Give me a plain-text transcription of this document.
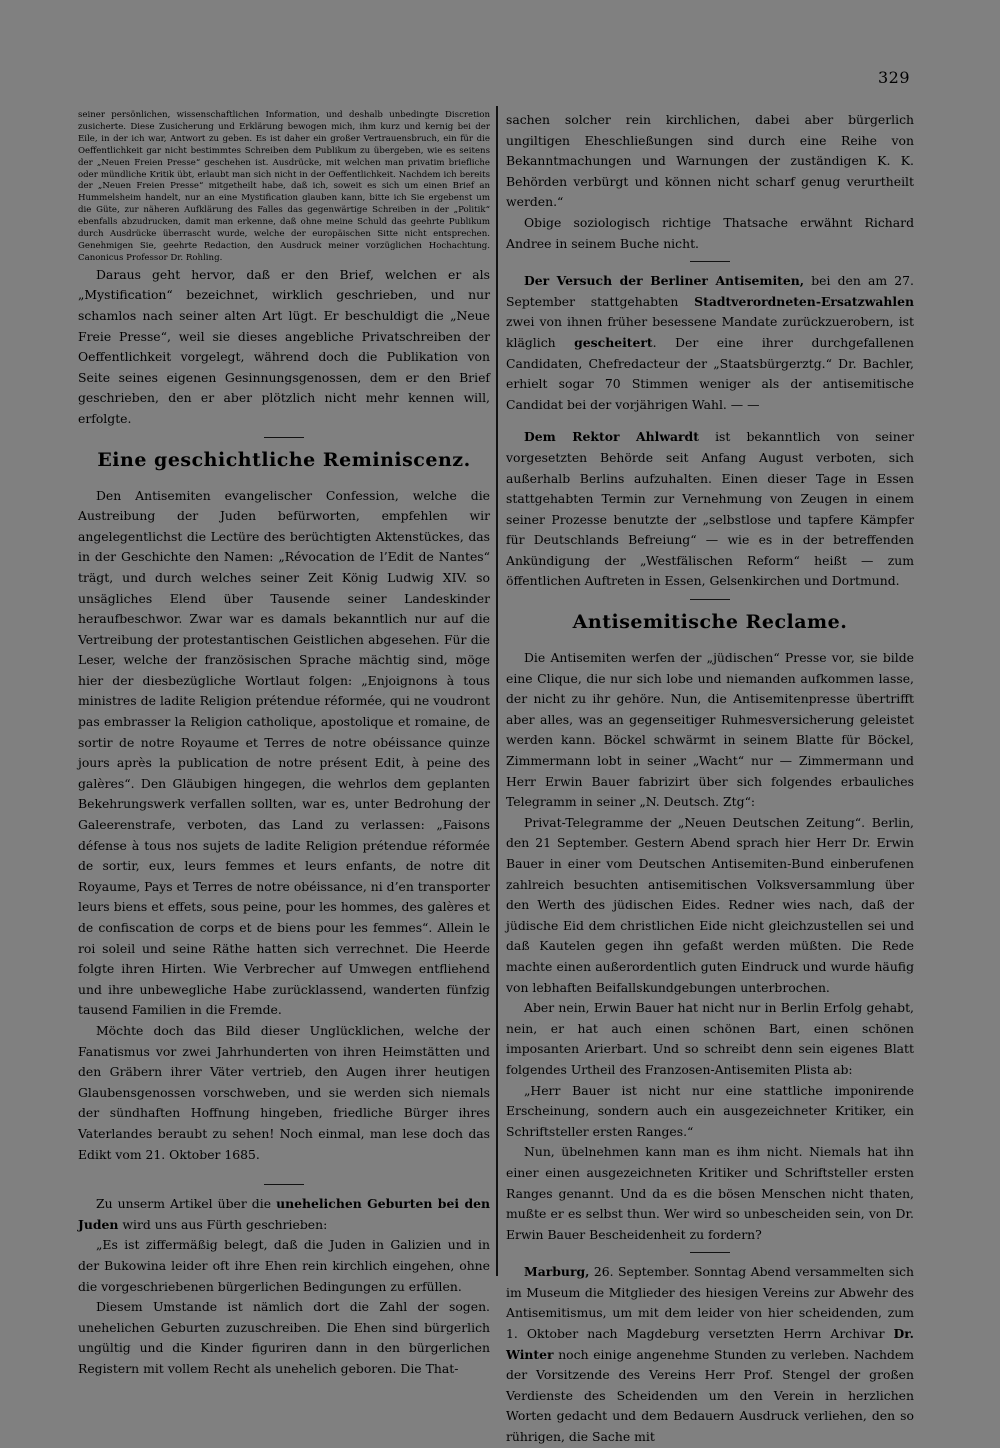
329

seiner persönlichen, wissenschaftlichen Information, und deshalb unbedingte Discretion zusicherte. Diese Zusicherung und Erklärung bewogen mich, ihm kurz und kernig bei der Eile, in der ich war, Antwort zu geben. Es ist daher ein großer Vertrauensbruch, ein für die Oeffentlichkeit gar nicht bestimmtes Schreiben dem Publikum zu übergeben, wie es seitens der „Neuen Freien Presse“ geschehen ist. Ausdrücke, mit welchen man privatim briefliche oder mündliche Kritik übt, erlaubt man sich nicht in der Oeffentlichkeit. Nachdem ich bereits der „Neuen Freien Presse“ mitgetheilt habe, daß ich, soweit es sich um einen Brief an Hummelsheim handelt, nur an eine Mystification glauben kann, bitte ich Sie ergebenst um die Güte, zur näheren Aufklärung des Falles das gegenwärtige Schreiben in der „Politik“ ebenfalls abzudrucken, damit man erkenne, daß ohne meine Schuld das geehrte Publikum durch Ausdrücke überrascht wurde, welche der europäischen Sitte nicht entsprechen. Genehmigen Sie, geehrte Redaction, den Ausdruck meiner vorzüglichen Hochachtung. Canonicus Professor Dr. Rohling.

Daraus geht hervor, daß er den Brief, welchen er als „Mystification“ bezeichnet, wirklich geschrieben, und nur schamlos nach seiner alten Art lügt. Er beschuldigt die „Neue Freie Presse“, weil sie dieses angebliche Privatschreiben der Oeffentlichkeit vorgelegt, während doch die Publikation von Seite seines eigenen Gesinnungsgenossen, dem er den Brief geschrieben, den er aber plötzlich nicht mehr kennen will, erfolgte.

Eine geschichtliche Reminiscenz.

Den Antisemiten evangelischer Confession, welche die Austreibung der Juden befürworten, empfehlen wir angelegentlichst die Lectüre des berüchtigten Aktenstückes, das in der Geschichte den Namen: „Révocation de l’Edit de Nantes“ trägt, und durch welches seiner Zeit König Ludwig XIV. so unsägliches Elend über Tausende seiner Landeskinder heraufbeschwor. Zwar war es damals bekanntlich nur auf die Vertreibung der protestantischen Geistlichen abgesehen. Für die Leser, welche der französischen Sprache mächtig sind, möge hier der diesbezügliche Wortlaut folgen: „Enjoignons à tous ministres de ladite Religion prétendue réformée, qui ne voudront pas embrasser la Religion catholique, apostolique et romaine, de sortir de notre Royaume et Terres de notre obéissance quinze jours après la publication de notre présent Edit, à peine des galères“. Den Gläubigen hingegen, die wehrlos dem geplanten Bekehrungswerk verfallen sollten, war es, unter Bedrohung der Galeerenstrafe, verboten, das Land zu verlassen: „Faisons défense à tous nos sujets de ladite Religion prétendue réformée de sortir, eux, leurs femmes et leurs enfants, de notre dit Royaume, Pays et Terres de notre obéissance, ni d’en transporter leurs biens et effets, sous peine, pour les hommes, des galères et de confiscation de corps et de biens pour les femmes“. Allein le roi soleil und seine Räthe hatten sich verrechnet. Die Heerde folgte ihren Hirten. Wie Verbrecher auf Umwegen entfliehend und ihre unbewegliche Habe zurücklassend, wanderten fünfzig tausend Familien in die Fremde.

Möchte doch das Bild dieser Unglücklichen, welche der Fanatismus vor zwei Jahrhunderten von ihren Heimstätten und den Gräbern ihrer Väter vertrieb, den Augen ihrer heutigen Glaubensgenossen vorschweben, und sie werden sich niemals der sündhaften Hoffnung hingeben, friedliche Bürger ihres Vaterlandes beraubt zu sehen! Noch einmal, man lese doch das Edikt vom 21. Oktober 1685.

Zu unserm Artikel über die unehelichen Geburten bei den Juden wird uns aus Fürth geschrieben:

„Es ist ziffermäßig belegt, daß die Juden in Galizien und in der Bukowina leider oft ihre Ehen rein kirchlich eingehen, ohne die vorgeschriebenen bürgerlichen Bedingungen zu erfüllen.

Diesem Umstande ist nämlich dort die Zahl der sogen. unehelichen Geburten zuzuschreiben. Die Ehen sind bürgerlich ungültig und die Kinder figuriren dann in den bürgerlichen Registern mit vollem Recht als unehelich geboren. Die That-

sachen solcher rein kirchlichen, dabei aber bürgerlich ungiltigen Eheschließungen sind durch eine Reihe von Bekanntmachungen und Warnungen der zuständigen K. K. Behörden verbürgt und können nicht scharf genug verurtheilt werden.“

Obige soziologisch richtige Thatsache erwähnt Richard Andree in seinem Buche nicht.

Der Versuch der Berliner Antisemiten, bei den am 27. September stattgehabten Stadtverordneten-Ersatzwahlen zwei von ihnen früher besessene Mandate zurückzuerobern, ist kläglich gescheitert. Der eine ihrer durchgefallenen Candidaten, Chefredacteur der „Staatsbürgerztg.“ Dr. Bachler, erhielt sogar 70 Stimmen weniger als der antisemitische Candidat bei der vorjährigen Wahl. — —

Dem Rektor Ahlwardt ist bekanntlich von seiner vorgesetzten Behörde seit Anfang August verboten, sich außerhalb Berlins aufzuhalten. Einen dieser Tage in Essen stattgehabten Termin zur Vernehmung von Zeugen in einem seiner Prozesse benutzte der „selbstlose und tapfere Kämpfer für Deutschlands Befreiung“ — wie es in der betreffenden Ankündigung der „Westfälischen Reform“ heißt — zum öffentlichen Auftreten in Essen, Gelsenkirchen und Dortmund.

Antisemitische Reclame.

Die Antisemiten werfen der „jüdischen“ Presse vor, sie bilde eine Clique, die nur sich lobe und niemanden aufkommen lasse, der nicht zu ihr gehöre. Nun, die Antisemitenpresse übertrifft aber alles, was an gegenseitiger Ruhmesversicherung geleistet werden kann. Böckel schwärmt in seinem Blatte für Böckel, Zimmermann lobt in seiner „Wacht“ nur — Zimmermann und Herr Erwin Bauer fabrizirt über sich folgendes erbauliches Telegramm in seiner „N. Deutsch. Ztg“:

Privat-Telegramme der „Neuen Deutschen Zeitung“. Berlin, den 21 September. Gestern Abend sprach hier Herr Dr. Erwin Bauer in einer vom Deutschen Antisemiten-Bund einberufenen zahlreich besuchten antisemitischen Volksversammlung über den Werth des jüdischen Eides. Redner wies nach, daß der jüdische Eid dem christlichen Eide nicht gleichzustellen sei und daß Kautelen gegen ihn gefaßt werden müßten. Die Rede machte einen außerordentlich guten Eindruck und wurde häufig von lebhaften Beifallskundgebungen unterbrochen.

Aber nein, Erwin Bauer hat nicht nur in Berlin Erfolg gehabt, nein, er hat auch einen schönen Bart, einen schönen imposanten Arierbart. Und so schreibt denn sein eigenes Blatt folgendes Urtheil des Franzosen-Antisemiten Plista ab:

„Herr Bauer ist nicht nur eine stattliche imponirende Erscheinung, sondern auch ein ausgezeichneter Kritiker, ein Schriftsteller ersten Ranges.“

Nun, übelnehmen kann man es ihm nicht. Niemals hat ihn einer einen ausgezeichneten Kritiker und Schriftsteller ersten Ranges genannt. Und da es die bösen Menschen nicht thaten, mußte er es selbst thun. Wer wird so unbescheiden sein, von Dr. Erwin Bauer Bescheidenheit zu fordern?

Marburg, 26. September. Sonntag Abend versammelten sich im Museum die Mitglieder des hiesigen Vereins zur Abwehr des Antisemitismus, um mit dem leider von hier scheidenden, zum 1. Oktober nach Magdeburg versetzten Herrn Archivar Dr. Winter noch einige angenehme Stunden zu verleben. Nachdem der Vorsitzende des Vereins Herr Prof. Stengel der großen Verdienste des Scheidenden um den Verein in herzlichen Worten gedacht und dem Bedauern Ausdruck verliehen, den so rührigen, die Sache mit
